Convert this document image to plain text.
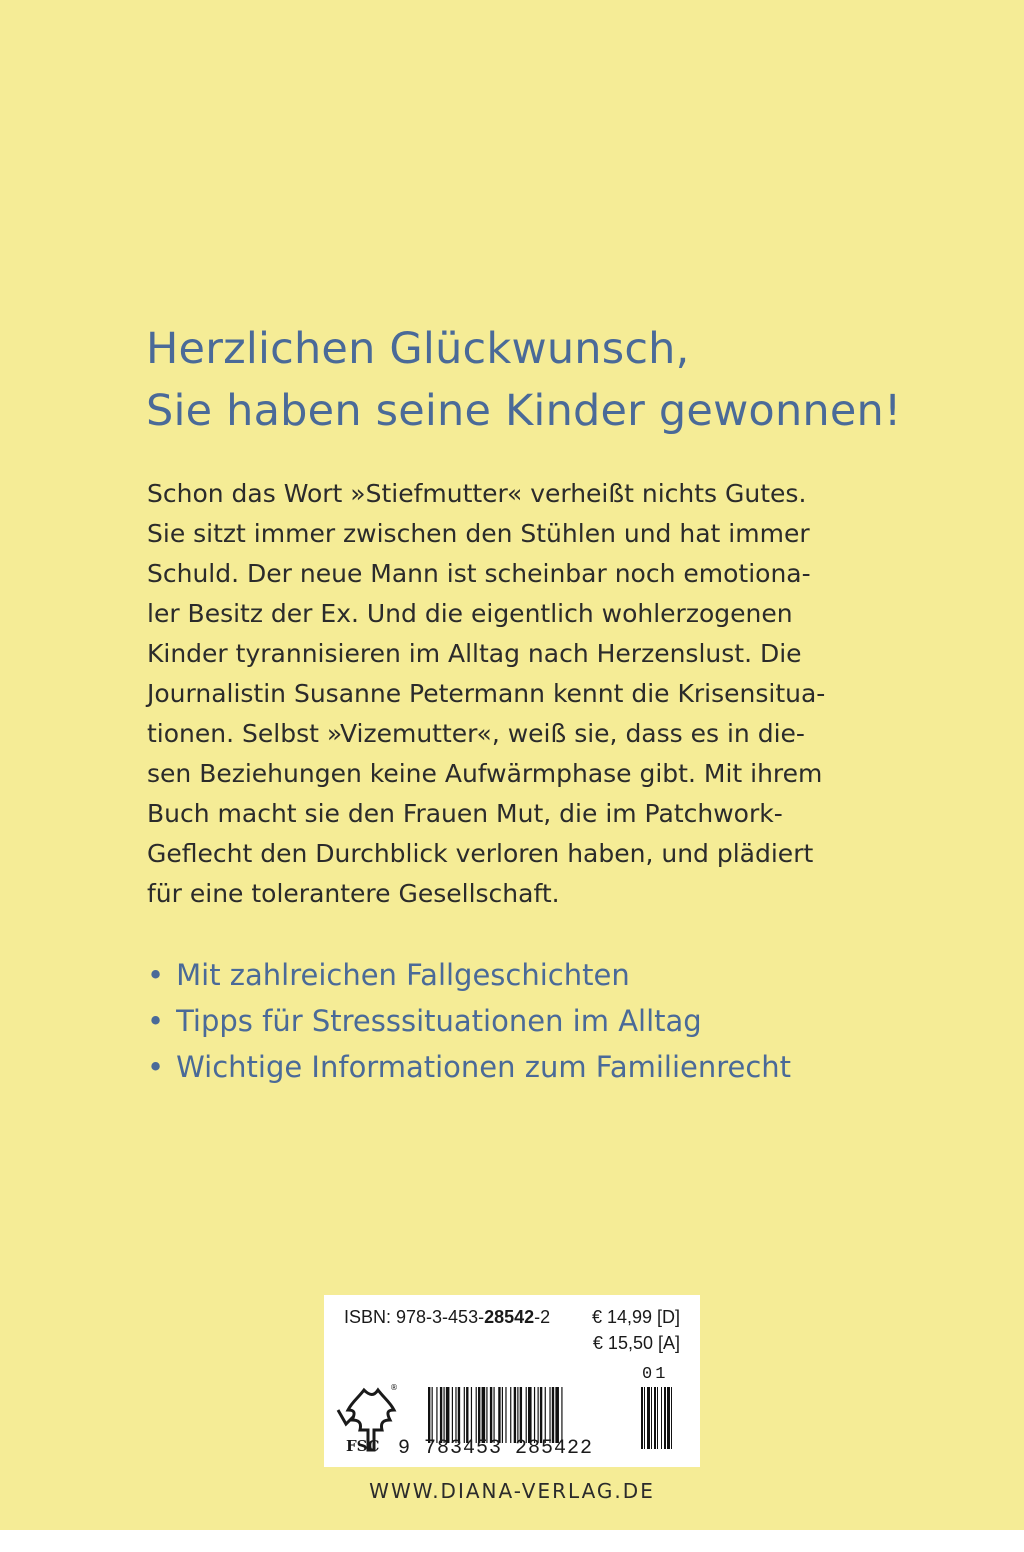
Herzlichen Glückwunsch,
Sie haben seine Kinder gewonnen!

Schon das Wort »Stiefmutter« verheißt nichts Gutes.
Sie sitzt immer zwischen den Stühlen und hat immer
Schuld. Der neue Mann ist scheinbar noch emotiona-
ler Besitz der Ex. Und die eigentlich wohlerzogenen
Kinder tyrannisieren im Alltag nach Herzenslust. Die
Journalistin Susanne Petermann kennt die Krisensitua-
tionen. Selbst »Vizemutter«, weiß sie, dass es in die-
sen Beziehungen keine Aufwärmphase gibt. Mit ihrem
Buch macht sie den Frauen Mut, die im Patchwork-
Geflecht den Durchblick verloren haben, und plädiert
für eine tolerantere Gesellschaft.

• Mit zahlreichen Fallgeschichten
• Tipps für Stresssituationen im Alltag
• Wichtige Informationen zum Familienrecht
ISBN: 978-3-453-28542-2 € 14,99 [D]
€ 15,50 [A]
01
®
FSC 9 783453 285422
WWW.DIANA-VERLAG.DE
